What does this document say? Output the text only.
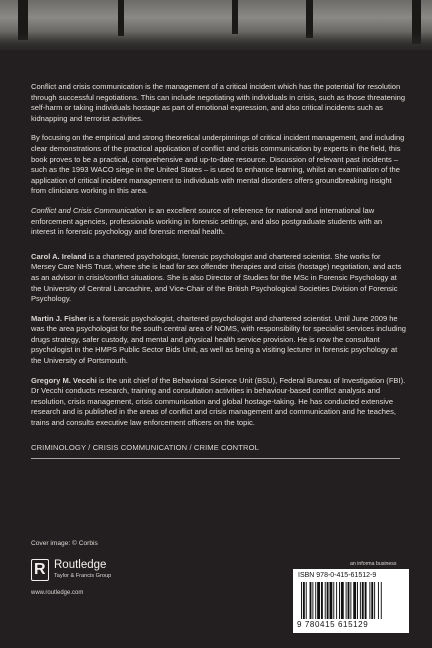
Conflict and crisis communication is the management of a critical incident which has the potential for resolution through successful negotiations. This can include negotiating with individuals in crisis, such as those threatening self-harm or taking individuals hostage as part of emotional expression, and also critical incidents such as kidnapping and terrorist activities.

By focusing on the empirical and strong theoretical underpinnings of critical incident management, and including clear demonstrations of the practical application of conflict and crisis communication by experts in the field, this book proves to be a practical, comprehensive and up-to-date resource. Discussion of relevant past incidents – such as the 1993 WACO siege in the United States – is used to enhance learning, whilst an examination of the application of critical incident management to individuals with mental disorders offers groundbreaking insight from clinicians working in this area.

Conflict and Crisis Communication is an excellent source of reference for national and international law enforcement agencies, professionals working in forensic settings, and also postgraduate students with an interest in forensic psychology and forensic mental health.

Carol A. Ireland is a chartered psychologist, forensic psychologist and chartered scientist. She works for Mersey Care NHS Trust, where she is lead for sex offender therapies and crisis (hostage) negotiation, and acts as an advisor in crisis/conflict situations. She is also Director of Studies for the MSc in Forensic Psychology at the University of Central Lancashire, and Vice-Chair of the British Psychological Societies Division of Forensic Psychology.

Martin J. Fisher is a forensic psychologist, chartered psychologist and chartered scientist. Until June 2009 he was the area psychologist for the south central area of NOMS, with responsibility for specialist services including drugs strategy, safer custody, and mental and physical health service provision. He is now the consultant psychologist in the HMPS Public Sector Bids Unit, as well as being a visiting lecturer in forensic psychology at the University of Portsmouth.

Gregory M. Vecchi is the unit chief of the Behavioral Science Unit (BSU), Federal Bureau of Investigation (FBI). Dr Vecchi conducts research, training and consultation activities in behaviour-based conflict analysis and resolution, crisis management, crisis communication and global hostage-taking. He has conducted extensive research and is published in the areas of conflict and crisis management and communication and he teaches, trains and consults executive law enforcement officers on the topic.

CRIMINOLOGY / CRISIS COMMUNICATION / CRIME CONTROL
Cover image: © Corbis
R Routledge
Taylor & Francis Group
www.routledge.com
an informa business
ISBN 978-0-415-61512-9
9 780415 615129
